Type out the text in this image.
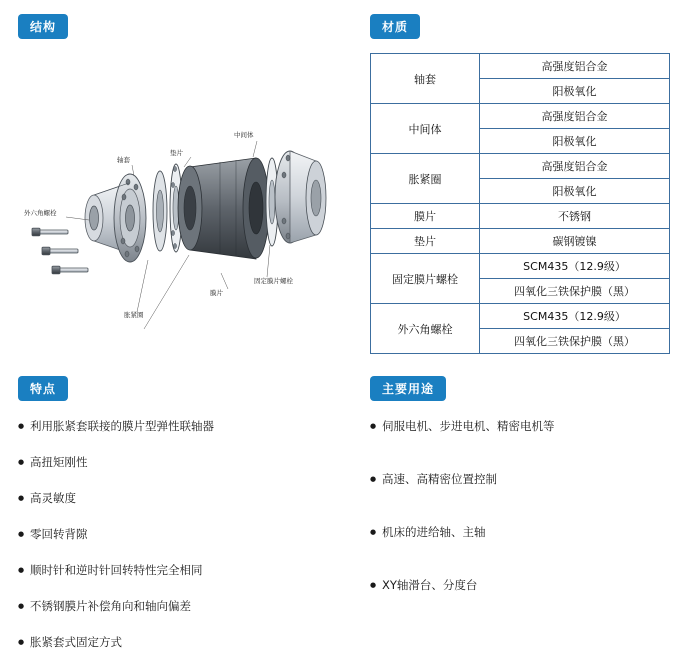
结构
中间体
垫片
轴套
外六角螺栓
固定膜片螺栓
膜片
胀紧圈
材质
轴套	高强度铝合金
	阳极氧化
中间体	高强度铝合金
	阳极氧化
胀紧圈	高强度铝合金
	阳极氧化
膜片	不锈钢
垫片	碳钢镀镍
固定膜片螺栓	SCM435（12.9级）
	四氧化三铁保护膜（黑）
外六角螺栓	SCM435（12.9级）
	四氧化三铁保护膜（黑）
特点
● 利用胀紧套联接的膜片型弹性联轴器
● 高扭矩刚性
● 高灵敏度
● 零回转背隙
● 顺时针和逆时针回转特性完全相同
● 不锈钢膜片补偿角向和轴向偏差
● 胀紧套式固定方式
主要用途
● 伺服电机、步进电机、精密电机等
● 高速、高精密位置控制
● 机床的进给轴、主轴
● XY轴滑台、分度台
